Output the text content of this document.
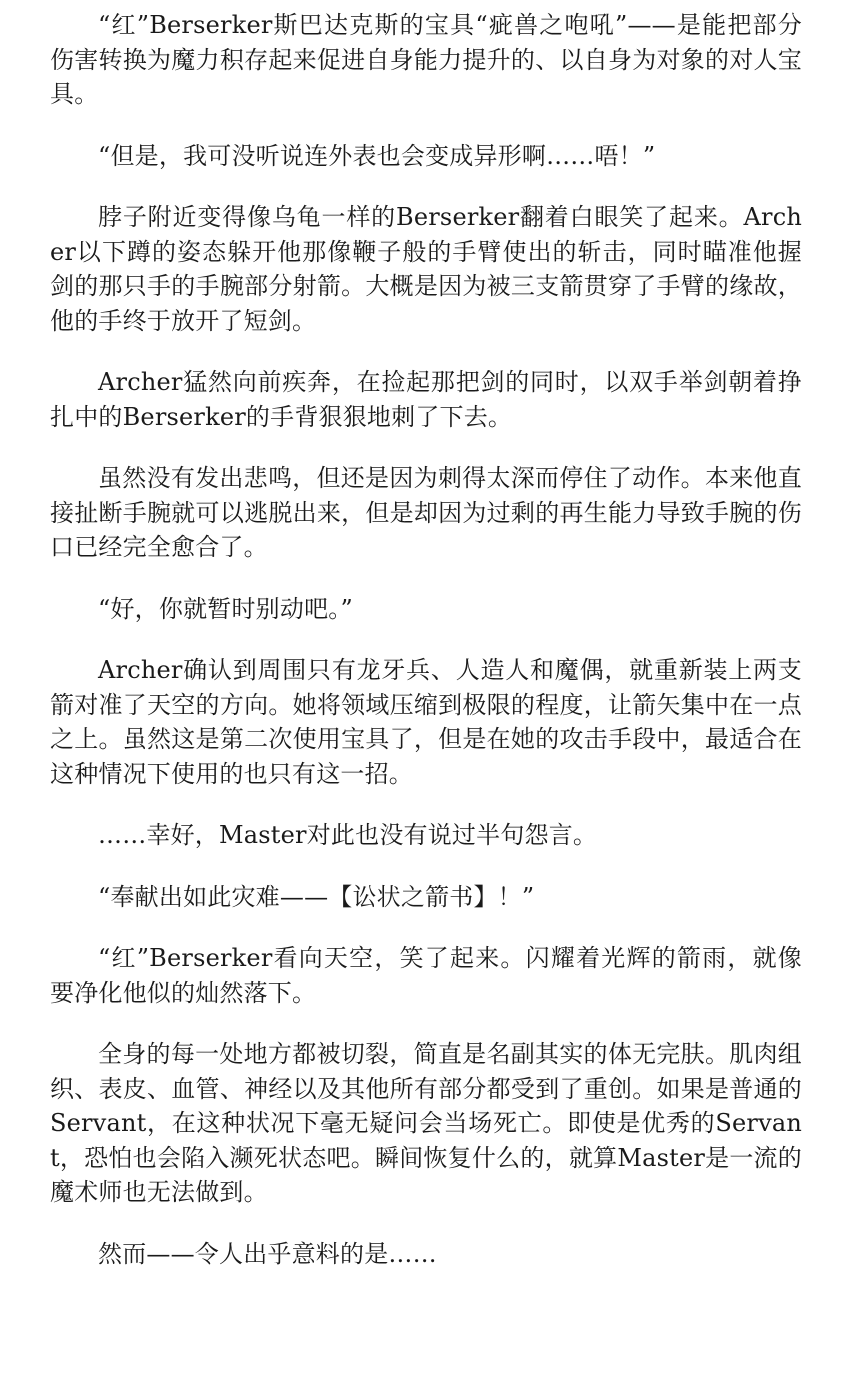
“红”Berserker斯巴达克斯的宝具“疵兽之咆吼”——是能把部分伤害转换为魔力积存起来促进自身能力提升的、以自身为对象的对人宝具。

“但是，我可没听说连外表也会变成异形啊……唔！”

脖子附近变得像乌龟一样的Berserker翻着白眼笑了起来。Archer以下蹲的姿态躲开他那像鞭子般的手臂使出的斩击，同时瞄准他握剑的那只手的手腕部分射箭。大概是因为被三支箭贯穿了手臂的缘故，他的手终于放开了短剑。

Archer猛然向前疾奔，在捡起那把剑的同时，以双手举剑朝着挣扎中的Berserker的手背狠狠地刺了下去。

虽然没有发出悲鸣，但还是因为刺得太深而停住了动作。本来他直接扯断手腕就可以逃脱出来，但是却因为过剩的再生能力导致手腕的伤口已经完全愈合了。

“好，你就暂时别动吧。”

Archer确认到周围只有龙牙兵、人造人和魔偶，就重新装上两支箭对准了天空的方向。她将领域压缩到极限的程度，让箭矢集中在一点之上。虽然这是第二次使用宝具了，但是在她的攻击手段中，最适合在这种情况下使用的也只有这一招。

……幸好，Master对此也没有说过半句怨言。

“奉献出如此灾难——【讼状之箭书】！”

“红”Berserker看向天空，笑了起来。闪耀着光辉的箭雨，就像要净化他似的灿然落下。

全身的每一处地方都被切裂，简直是名副其实的体无完肤。肌肉组织、表皮、血管、神经以及其他所有部分都受到了重创。如果是普通的Servant，在这种状况下毫无疑问会当场死亡。即使是优秀的Servant，恐怕也会陷入濒死状态吧。瞬间恢复什么的，就算Master是一流的魔术师也无法做到。

然而——令人出乎意料的是……
